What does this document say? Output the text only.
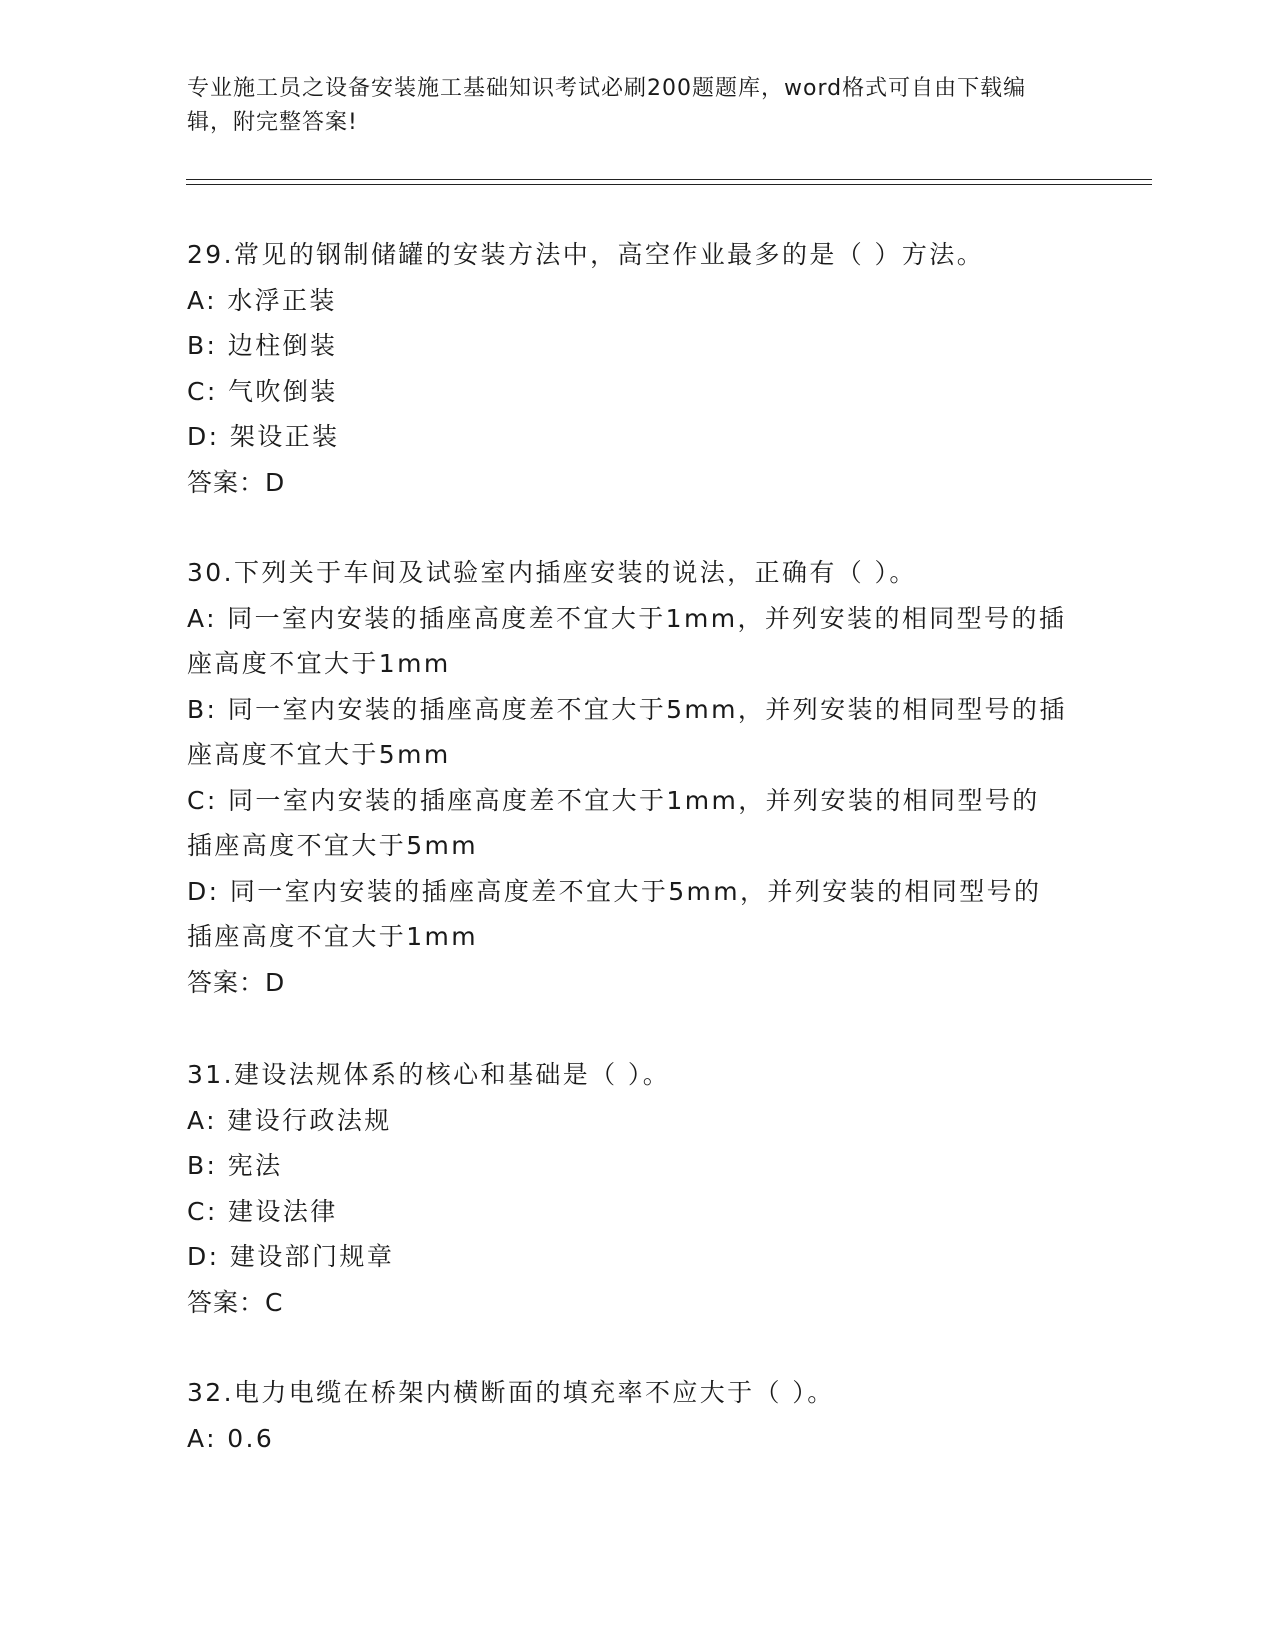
专业施工员之设备安装施工基础知识考试必刷200题题库，word格式可自由下载编辑，附完整答案!
29.常见的钢制储罐的安装方法中，高空作业最多的是（ ）方法。
A: 水浮正装
B: 边柱倒装
C: 气吹倒装
D: 架设正装
答案：D
30.下列关于车间及试验室内插座安装的说法，正确有（ ）。
A: 同一室内安装的插座高度差不宜大于1mm，并列安装的相同型号的插座高度不宜大于1mm
B: 同一室内安装的插座高度差不宜大于5mm，并列安装的相同型号的插座高度不宜大于5mm
C: 同一室内安装的插座高度差不宜大于1mm，并列安装的相同型号的插座高度不宜大于5mm
D: 同一室内安装的插座高度差不宜大于5mm，并列安装的相同型号的插座高度不宜大于1mm
答案：D
31.建设法规体系的核心和基础是（ ）。
A: 建设行政法规
B: 宪法
C: 建设法律
D: 建设部门规章
答案：C
32.电力电缆在桥架内横断面的填充率不应大于（ ）。
A: 0.6
